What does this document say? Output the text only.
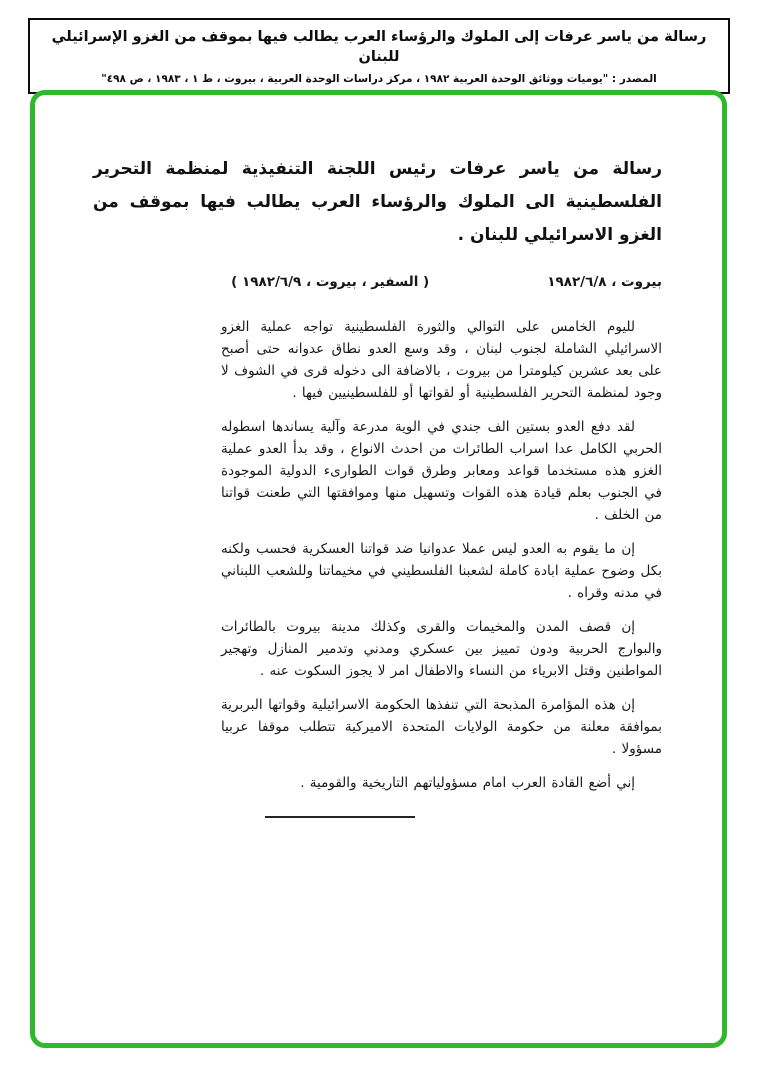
رسالة من ياسر عرفات إلى الملوك والرؤساء العرب يطالب فيها بموقف من الغزو الإسرائيلي للبنان
المصدر : "يوميات ووثائق الوحدة العربية ١٩٨٢ ، مركز دراسات الوحدة العربية ، بيروت ، ط ١ ، ١٩٨٣ ، ص ٤٩٨"
رسالة من ياسر عرفات رئيس اللجنة التنفيذية لمنظمة التحرير الفلسطينية الى الملوك والرؤساء العرب يطالب فيها بموقف من الغزو الاسرائيلي للبنان .
بيروت ، ١٩٨٢/٦/٨
( السفير ، بيروت ، ١٩٨٢/٦/٩ )

لليوم الخامس على التوالي والثورة الفلسطينية تواجه عملية الغزو الاسرائيلي الشاملة لجنوب لبنان ، وقد وسع العدو نطاق عدوانه حتى أصبح على بعد عشرين كيلومترا من بيروت ، بالاضافة الى دخوله قرى في الشوف لا وجود لمنظمة التحرير الفلسطينية أو لقواتها أو للفلسطينيين فيها .

لقد دفع العدو بستين الف جندي في الوية مدرعة وآلية يساندها اسطوله الحربي الكامل عدا اسراب الطائرات من احدث الانواع ، وقد بدأ العدو عملية الغزو هذه مستخدما قواعد ومعابر وطرق قوات الطوارىء الدولية الموجودة في الجنوب بعلم قيادة هذه القوات وتسهيل منها وموافقتها التي طعنت قواتنا من الخلف .

إن ما يقوم به العدو ليس عملا عدوانيا ضد قواتنا العسكرية فحسب ولكنه بكل وضوح عملية ابادة كاملة لشعبنا الفلسطيني في مخيماتنا وللشعب اللبناني في مدنه وقراه .

إن قصف المدن والمخيمات والقرى وكذلك مدينة بيروت بالطائرات والبوارج الحربية ودون تمييز بين عسكري ومدني وتدمير المنازل وتهجير المواطنين وقتل الابرياء من النساء والاطفال امر لا يجوز السكوت عنه .

إن هذه المؤامرة المذبحة التي تنفذها الحكومة الاسرائيلية وقواتها البربرية بموافقة معلنة من حكومة الولايات المتحدة الاميركية تتطلب موقفا عربيا مسؤولا .

إني أضع القادة العرب امام مسؤولياتهم التاريخية والقومية .
